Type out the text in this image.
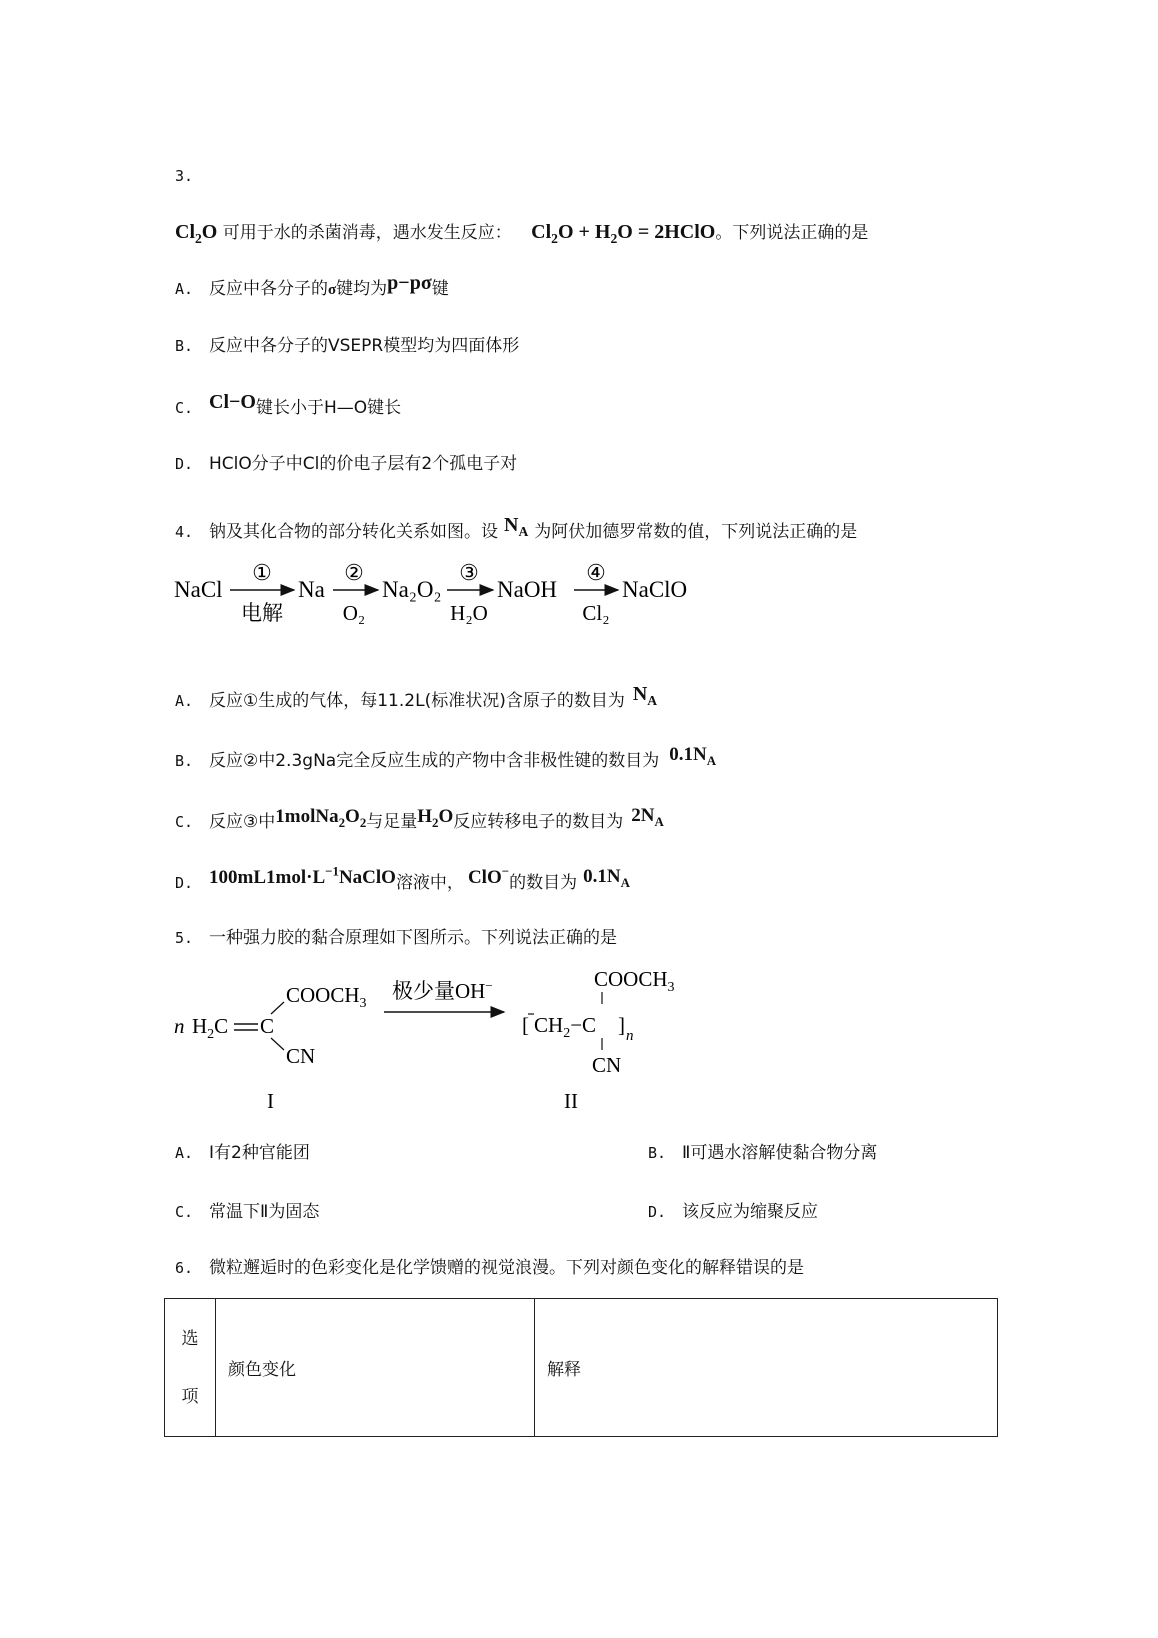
3.
$Cl_2O$ 可用于水的杀菌消毒，遇水发生反应： $Cl_2O + H_2O$ = 2HClO。下列说法正确的是
A. 反应中各分子的σ键均为p−pσ键
B. 反应中各分子的VSEPR模型均为四面体形
C. Cl−O键长小于H—O键长
D. HClO分子中Cl的价电子层有2个孤电子对
4. 钠及其化合物的部分转化关系如图。设 $N_A$ 为阿伏加德罗常数的值，下列说法正确的是
NaCl
①
电解
Na
②
O₂
Na₂O₂
③
H₂O
NaOH
④
Cl₂
NaClO
A. 反应①生成的气体，每11.2L(标准状况)含原子的数目为 $N_A$
B. 反应②中2.3gNa完全反应生成的产物中含非极性键的数目为 $0.1N_A$
C. 反应③中$1molNa_2O_2$与足量$H_2O$反应转移电子的数目为 $2N_A$
D. $100mL1mol\cdot L^{-1}NaClO$溶液中， ClO−的数目为 $0.1N_A$
5. 一种强力胶的黏合原理如下图所示。下列说法正确的是
n $H_2C$ C
$COOCH_3$
CN
I
极少量OH−	$COOCH_3$
[ $CH_2-C$ ] n
CN
II
A. Ⅰ有2种官能团	B. Ⅱ可遇水溶解使黏合物分离
C. 常温下Ⅱ为固态	D. 该反应为缩聚反应
6. 微粒邂逅时的色彩变化是化学馈赠的视觉浪漫。下列对颜色变化的解释错误的是
选
项
	颜色变化	解释
